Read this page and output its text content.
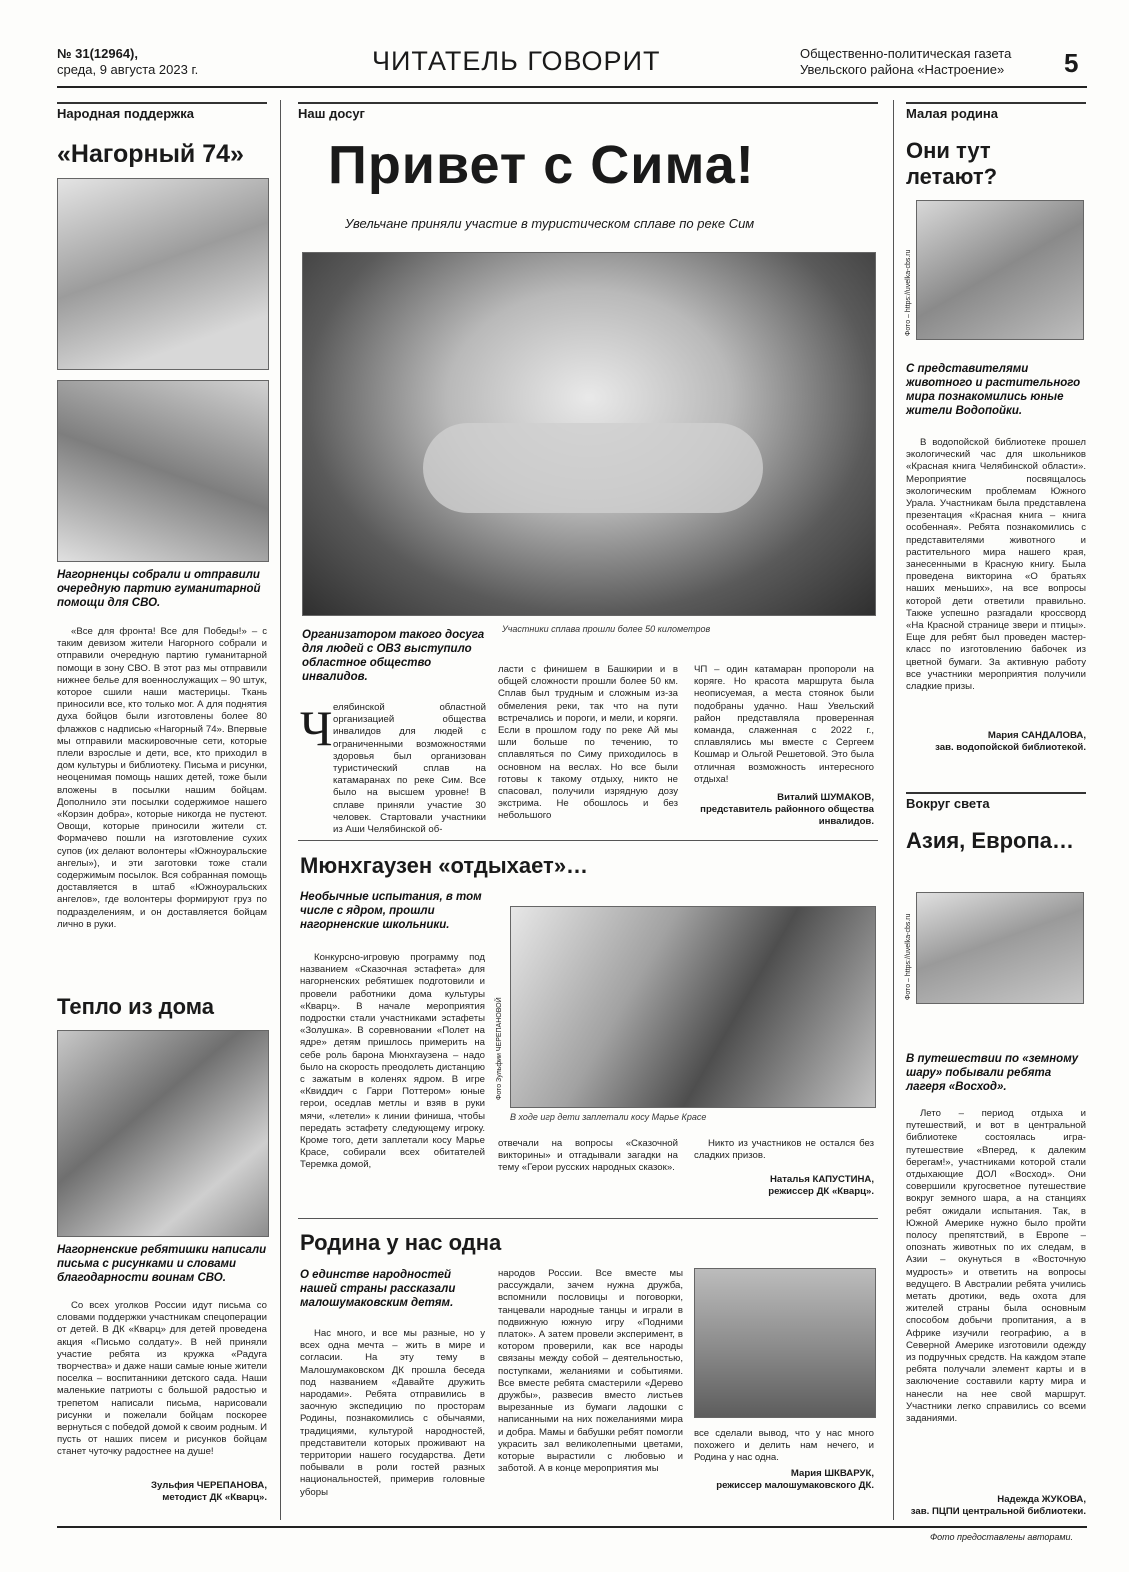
№ 31(12964),
среда, 9 августа 2023 г.	ЧИТАТЕЛЬ ГОВОРИТ	Общественно-политическая газета
Увельского района «Настроение» 5
Народная поддержка
«Нагорный 74»
Нагорненцы собрали и отправили очередную партию гуманитарной помощи для СВО.

«Все для фронта! Все для Победы!» – с таким девизом жители Нагорного собрали и отправили очередную партию гуманитарной помощи в зону СВО. В этот раз мы отправили нижнее белье для военнослужащих – 90 штук, которое сшили наши мастерицы. Ткань приносили все, кто только мог. А для поднятия духа бойцов были изготовлены более 80 флажков с надписью «Нагорный 74». Впервые мы отправили маскировочные сети, которые плели взрослые и дети, все, кто приходил в дом культуры и библиотеку. Письма и рисунки, неоценимая помощь наших детей, тоже были вложены в посылки нашим бойцам. Дополнило эти посылки содержимое нашего «Корзин добра», которые никогда не пустеют. Овощи, которые приносили жители ст. Формачево пошли на изготовление сухих супов (их делают волонтеры «Южноуральские ангелы»), и эти заготовки тоже стали содержимым посылок. Вся собранная помощь доставляется в штаб «Южноуральских ангелов», где волонтеры формируют груз по подразделениям, и он доставляется бойцам лично в руки.

Тепло из дома
Нагорненские ребятишки написали письма с рисунками и словами благодарности воинам СВО.

Со всех уголков России идут письма со словами поддержки участникам спецоперации от детей. В ДК «Кварц» для детей проведена акция «Письмо солдату». В ней приняли участие ребята из кружка «Радуга творчества» и даже наши самые юные жители поселка – воспитанники детского сада. Наши маленькие патриоты с большой радостью и трепетом написали письма, нарисовали рисунки и пожелали бойцам поскорее вернуться с победой домой к своим родным. И пусть от наших писем и рисунков бойцам станет чуточку радостнее на душе!

Зульфия ЧЕРЕПАНОВА,
методист ДК «Кварц».
Наш досуг
Привет с Сима!
Увельчане приняли участие в туристическом сплаве по реке Сим
Участники сплава прошли более 50 километров
Организатором такого досуга для людей с ОВЗ выступило областное общество инвалидов.
Ч елябинской областной организацией общества инвалидов для людей с ограниченными возможностями здоровья был организован туристический сплав на катамаранах по реке Сим. Все было на высшем уровне! В сплаве приняли участие 30 человек. Стартовали участники из Аши Челябинской об-
ласти с финишем в Башкирии и в общей сложности прошли более 50 км. Сплав был трудным и сложным из-за обмеления реки, так что на пути встречались и пороги, и мели, и коряги. Если в прошлом году по реке Ай мы шли больше по течению, то сплавляться по Симу приходилось в основном на веслах. Но все были готовы к такому отдыху, никто не спасовал, получили изрядную дозу экстрима. Не обошлось и без небольшого
ЧП – один катамаран пропороли на коряге. Но красота маршрута была неописуемая, а места стоянок были подобраны удачно. Наш Увельский район представляла проверенная команда, слаженная с 2022 г., сплавлялись мы вместе с Сергеем Кошмар и Ольгой Решетовой. Это была отличная возможность интересного отдыха!
Виталий ШУМАКОВ,
представитель районного общества инвалидов.
Мюнхгаузен «отдыхает»…
Необычные испытания, в том числе с ядром, прошли нагорненские школьники.

Конкурсно-игровую программу под названием «Сказочная эстафета» для нагорненских ребятишек подготовили и провели работники дома культуры «Кварц». В начале мероприятия подростки стали участниками эстафеты «Золушка». В соревновании «Полет на ядре» детям пришлось примерить на себе роль барона Мюнхгаузена – надо было на скорость преодолеть дистанцию с зажатым в коленях ядром. В игре «Квиддич с Гарри Поттером» юные герои, оседлав метлы и взяв в руки мячи, «летели» к линии финиша, чтобы передать эстафету следующему игроку. Кроме того, дети заплетали косу Марье Красе, собирали всех обитателей Теремка домой,

Фото Зульфии ЧЕРЕПАНОВОЙ
В ходе игр дети заплетали косу Марье Красе
отвечали на вопросы «Сказочной викторины» и отгадывали загадки на тему «Герои русских народных сказок».

Никто из участников не остался без сладких призов.

Наталья КАПУСТИНА,
режиссер ДК «Кварц».
Родина у нас одна
О единстве народностей нашей страны рассказали малошумаковским детям.

Нас много, и все мы разные, но у всех одна мечта – жить в мире и согласии. На эту тему в Малошумаковском ДК прошла беседа под названием «Давайте дружить народами». Ребята отправились в заочную экспедицию по просторам Родины, познакомились с обычаями, традициями, культурой народностей, представители которых проживают на территории нашего государства. Дети побывали в роли гостей разных национальностей, примерив головные уборы

народов России. Все вместе мы рассуждали, зачем нужна дружба, вспомнили пословицы и поговорки, танцевали народные танцы и играли в подвижную южную игру «Подними платок». А затем провели эксперимент, в котором проверили, как все народы связаны между собой – деятельностью, поступками, желаниями и событиями. Все вместе ребята смастерили «Дерево дружбы», развесив вместо листьев вырезанные из бумаги ладошки с написанными на них пожеланиями мира и добра. Мамы и бабушки ребят помогли украсить зал великолепными цветами, которые вырастили с любовью и заботой. А в конце мероприятия мы
все сделали вывод, что у нас много похожего и делить нам нечего, и Родина у нас одна.
Мария ШКВАРУК,
режиссер малошумаковского ДК.
Малая родина
Они тут летают?
Фото – https://uvelka-cbs.ru
С представителями животного и растительного мира познакомились юные жители Водопойки.

В водопойской библиотеке прошел экологический час для школьников «Красная книга Челябинской области». Мероприятие посвящалось экологическим проблемам Южного Урала. Участникам была представлена презентация «Красная книга – книга особенная». Ребята познакомились с представителями животного и растительного мира нашего края, занесенными в Красную книгу. Была проведена викторина «О братьях наших меньших», на все вопросы которой дети ответили правильно. Также успешно разгадали кроссворд «На Красной странице звери и птицы». Еще для ребят был проведен мастер-класс по изготовлению бабочек из цветной бумаги. За активную работу все участники мероприятия получили сладкие призы.

Мария САНДАЛОВА,
зав. водопойской библиотекой.
Вокруг света
Азия, Европа…
Фото – https://uvelka-cbs.ru
В путешествии по «земному шару» побывали ребята лагеря «Восход».

Лето – период отдыха и путешествий, и вот в центральной библиотеке состоялась игра-путешествие «Вперед, к далеким берегам!», участниками которой стали отдыхающие ДОЛ «Восход». Они совершили кругосветное путешествие вокруг земного шара, а на станциях ребят ожидали испытания. Так, в Южной Америке нужно было пройти полосу препятствий, в Европе – опознать животных по их следам, в Азии – окунуться в «Восточную мудрость» и ответить на вопросы ведущего. В Австралии ребята учились метать дротики, ведь охота для жителей страны была основным способом добычи пропитания, а в Африке изучили географию, а в Северной Америке изготовили одежду из подручных средств. На каждом этапе ребята получали элемент карты и в заключение составили карту мира и нанесли на нее свой маршрут. Участники легко справились со всеми заданиями.

Надежда ЖУКОВА,
зав. ПЦПИ центральной библиотеки.
Фото предоставлены авторами.
